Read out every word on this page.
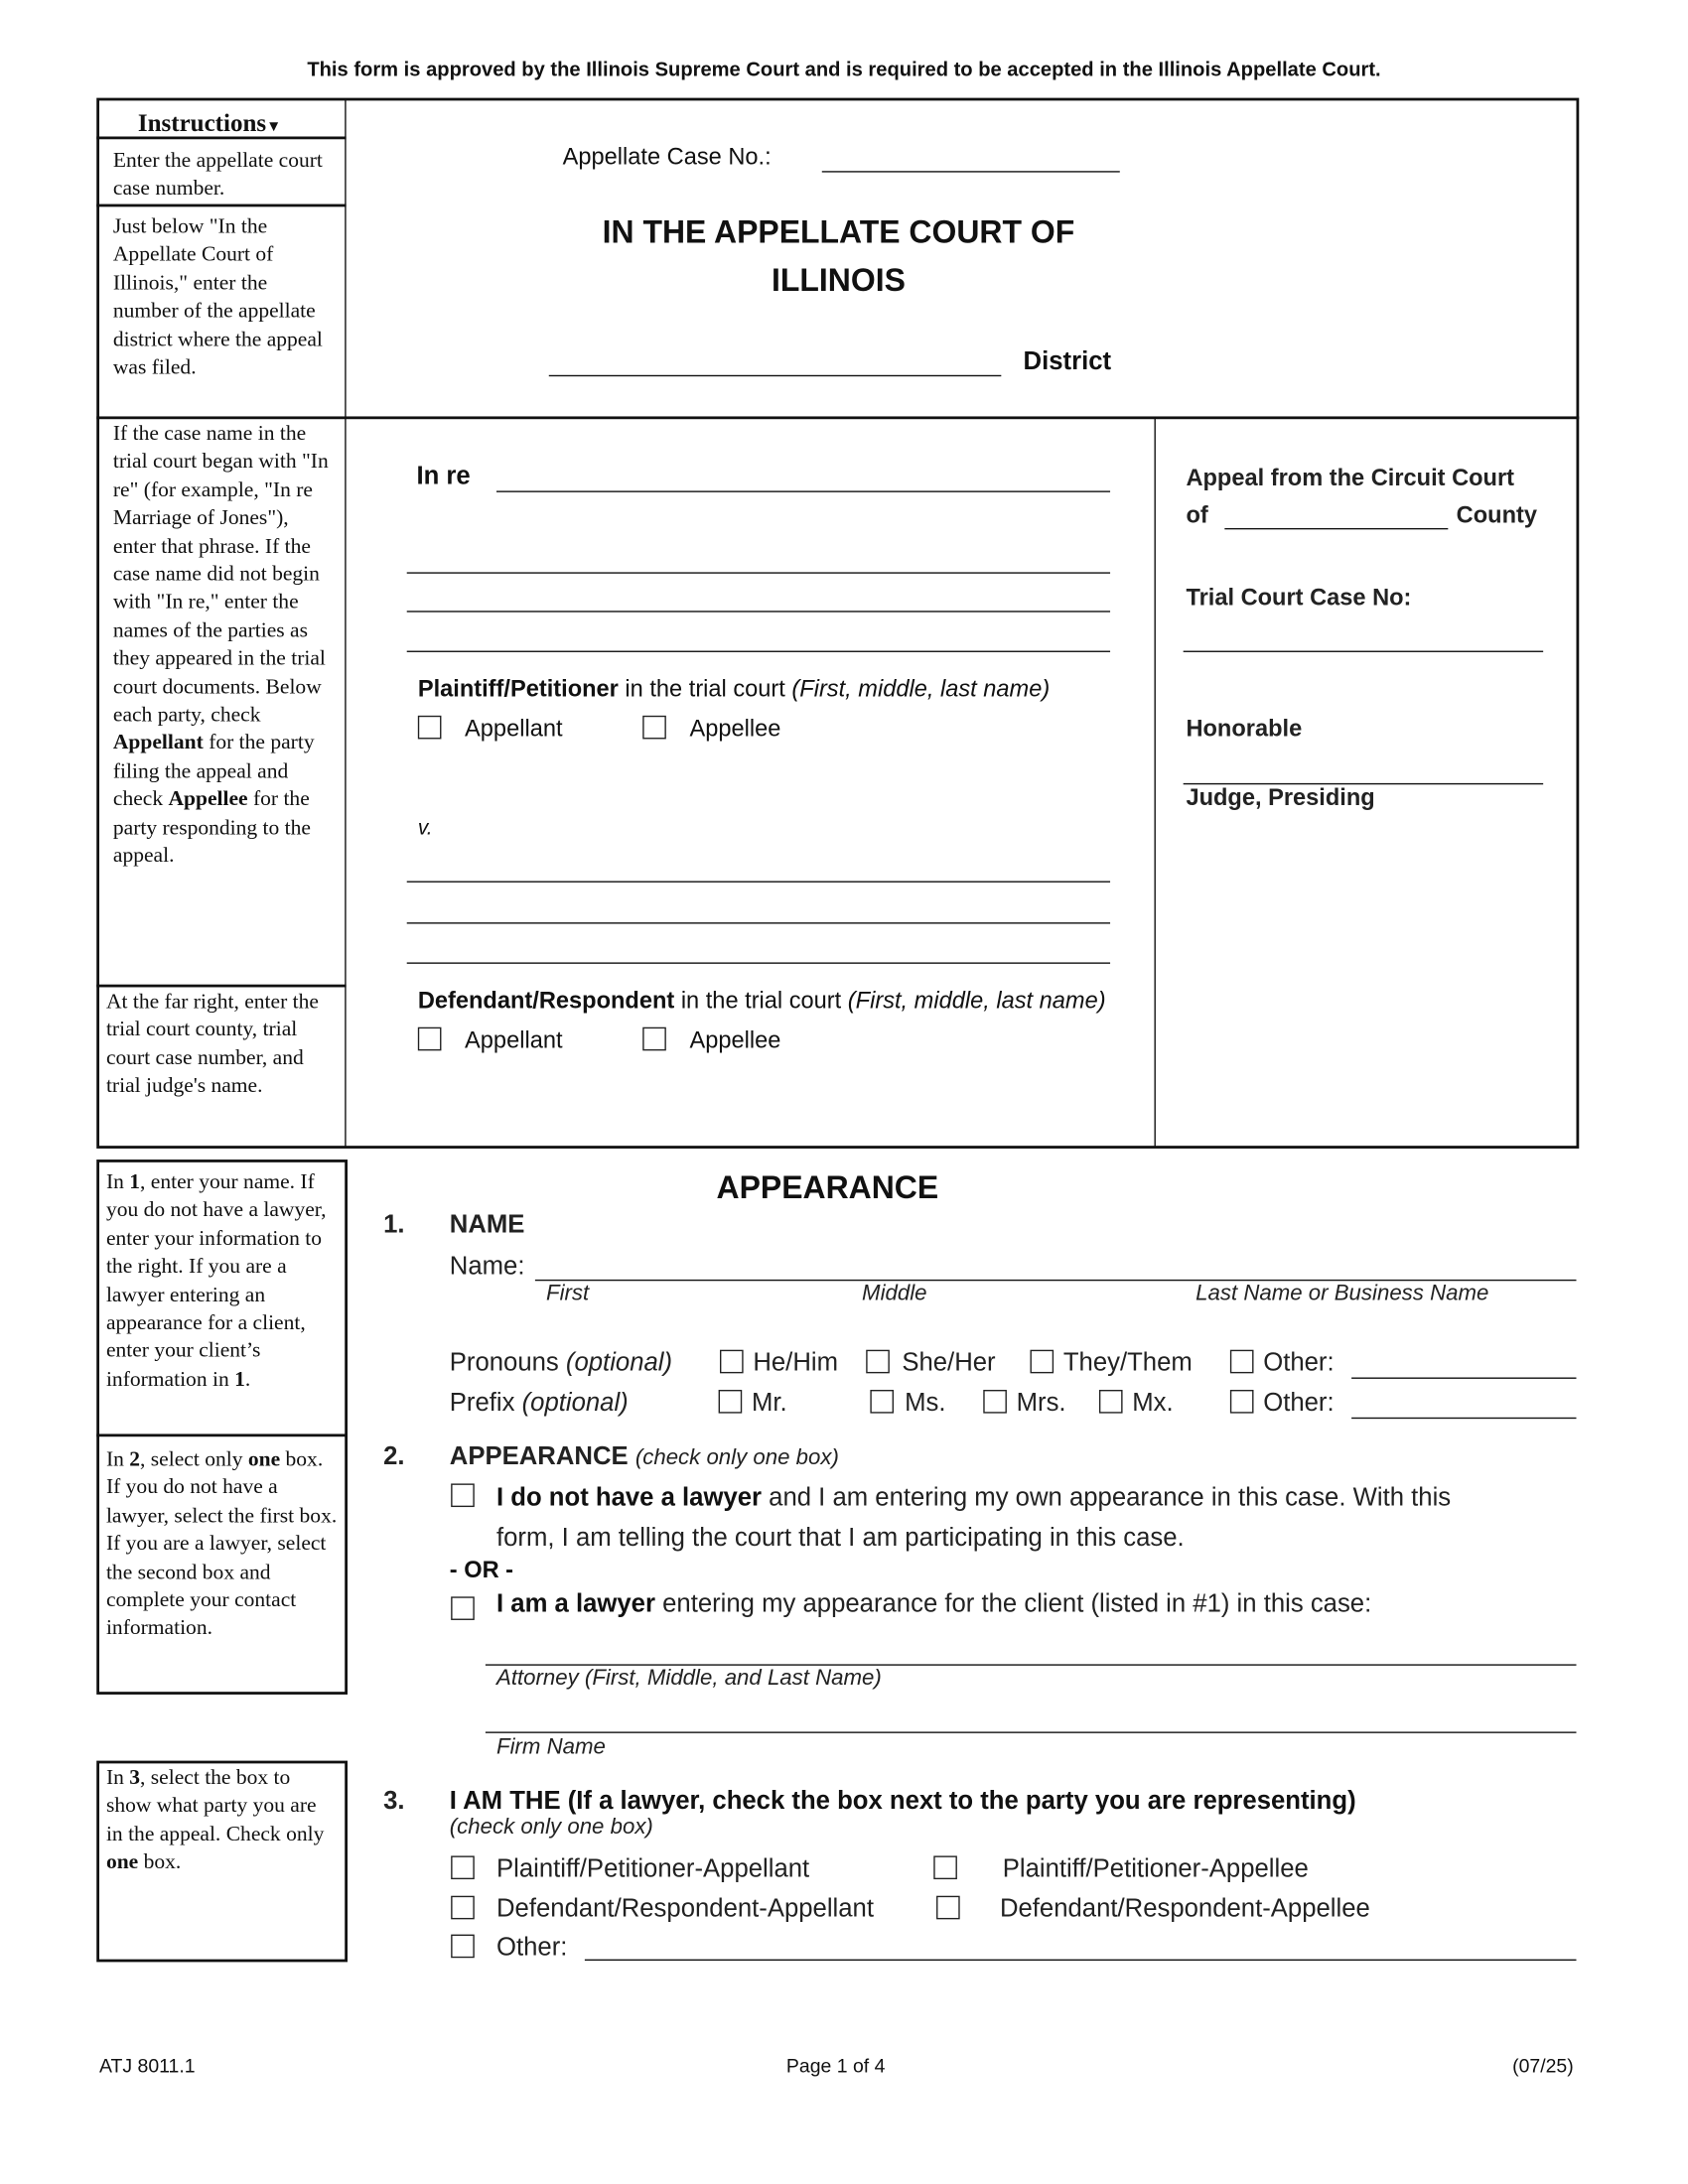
This form is approved by the Illinois Supreme Court and is required to be accepted in the Illinois Appellate Court.
Instructions▼
Enter the appellate court case number.
Just below "In the Appellate Court of Illinois," enter the number of the appellate district where the appeal was filed.
If the case name in the trial court began with "In re" (for example, "In re Marriage of Jones"), enter that phrase. If the case name did not begin with "In re," enter the names of the parties as they appeared in the trial court documents. Below each party, check Appellant for the party filing the appeal and check Appellee for the party responding to the appeal.
At the far right, enter the trial court county, trial court case number, and trial judge's name.
Appellate Case No.:
IN THE APPELLATE COURT OF
ILLINOIS
District
In re
Plaintiff/Petitioner in the trial court (First, middle, last name)
Appellant	Appellee
v.
Defendant/Respondent in the trial court (First, middle, last name)
Appellant	Appellee
Appeal from the Circuit Court
of	County
Trial Court Case No:
Honorable
Judge, Presiding
In 1, enter your name. If you do not have a lawyer, enter your information to the right. If you are a lawyer entering an appearance for a client, enter your client’s information in 1.
In 2, select only one box. If you do not have a lawyer, select the first box. If you are a lawyer, select the second box and complete your contact information.
In 3, select the box to show what party you are in the appeal. Check only one box.
APPEARANCE
1. NAME
Name:
First	Middle	Last Name or Business Name
Pronouns (optional)	He/Him	She/Her	They/Them	Other:
Prefix (optional)	Mr.	Ms.	Mrs.	Mx.	Other:
2. APPEARANCE (check only one box)
I do not have a lawyer and I am entering my own appearance in this case. With this
form, I am telling the court that I am participating in this case.
- OR -
I am a lawyer entering my appearance for the client (listed in #1) in this case:
Attorney (First, Middle, and Last Name)
Firm Name
3. I AM THE (If a lawyer, check the box next to the party you are representing)
(check only one box)
Plaintiff/Petitioner-Appellant	Plaintiff/Petitioner-Appellee
Defendant/Respondent-Appellant	Defendant/Respondent-Appellee
Other:
ATJ 8011.1	Page 1 of 4	(07/25)
